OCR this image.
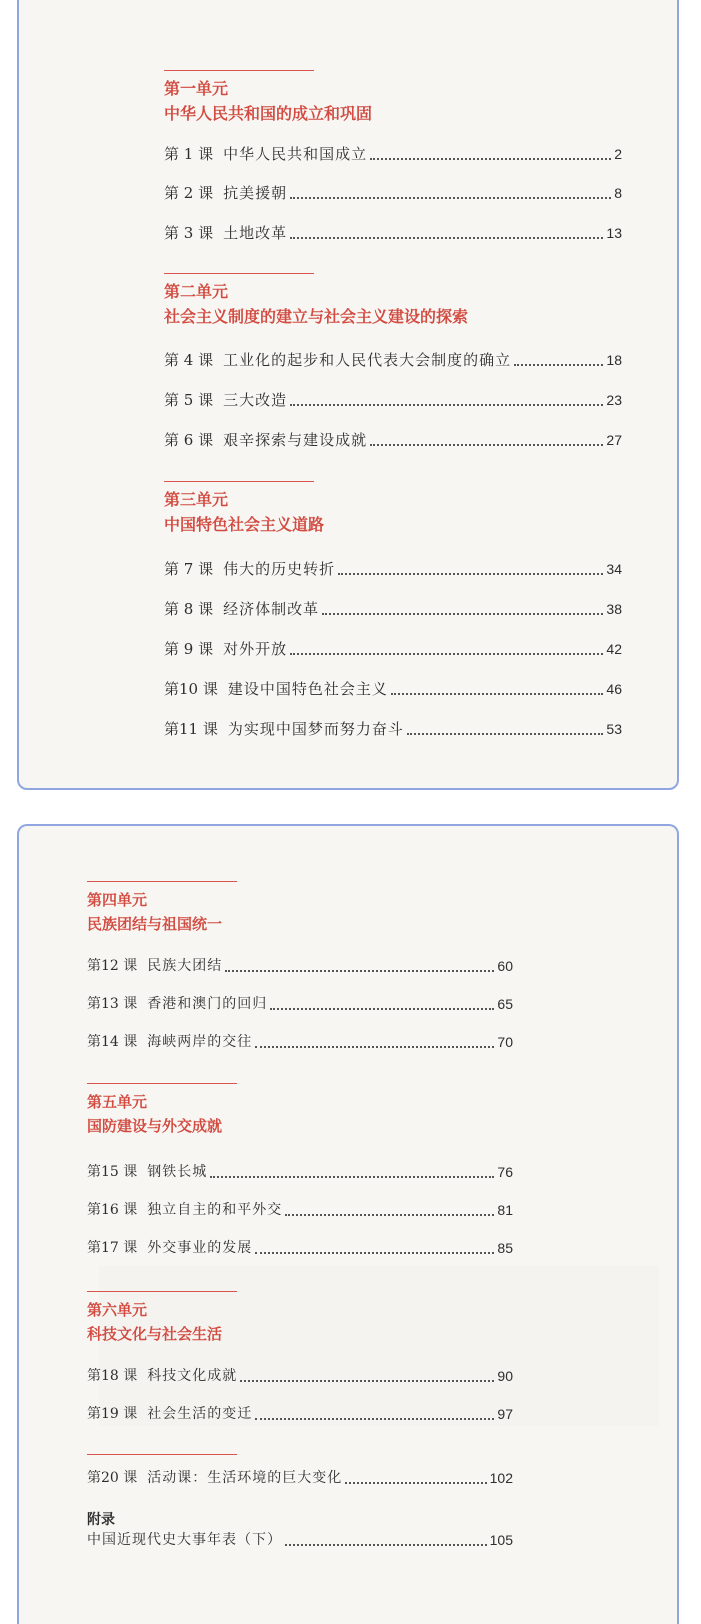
第一单元
中华人民共和国的成立和巩固
第 1 课 中华人民共和国成立	2
第 2 课 抗美援朝	8
第 3 课 土地改革	13
第二单元
社会主义制度的建立与社会主义建设的探索
第 4 课 工业化的起步和人民代表大会制度的确立	18
第 5 课 三大改造	23
第 6 课 艰辛探索与建设成就	27
第三单元
中国特色社会主义道路
第 7 课 伟大的历史转折	34
第 8 课 经济体制改革	38
第 9 课 对外开放	42
第10 课 建设中国特色社会主义	46
第11 课 为实现中国梦而努力奋斗	53
第四单元
民族团结与祖国统一
第12 课 民族大团结	60
第13 课 香港和澳门的回归	65
第14 课 海峡两岸的交往	70
第五单元
国防建设与外交成就
第15 课 钢铁长城	76
第16 课 独立自主的和平外交	81
第17 课 外交事业的发展	85
第六单元
科技文化与社会生活
第18 课 科技文化成就	90
第19 课 社会生活的变迁	97
第20 课 活动课：生活环境的巨大变化	102
附录
中国近现代史大事年表（下）	105
